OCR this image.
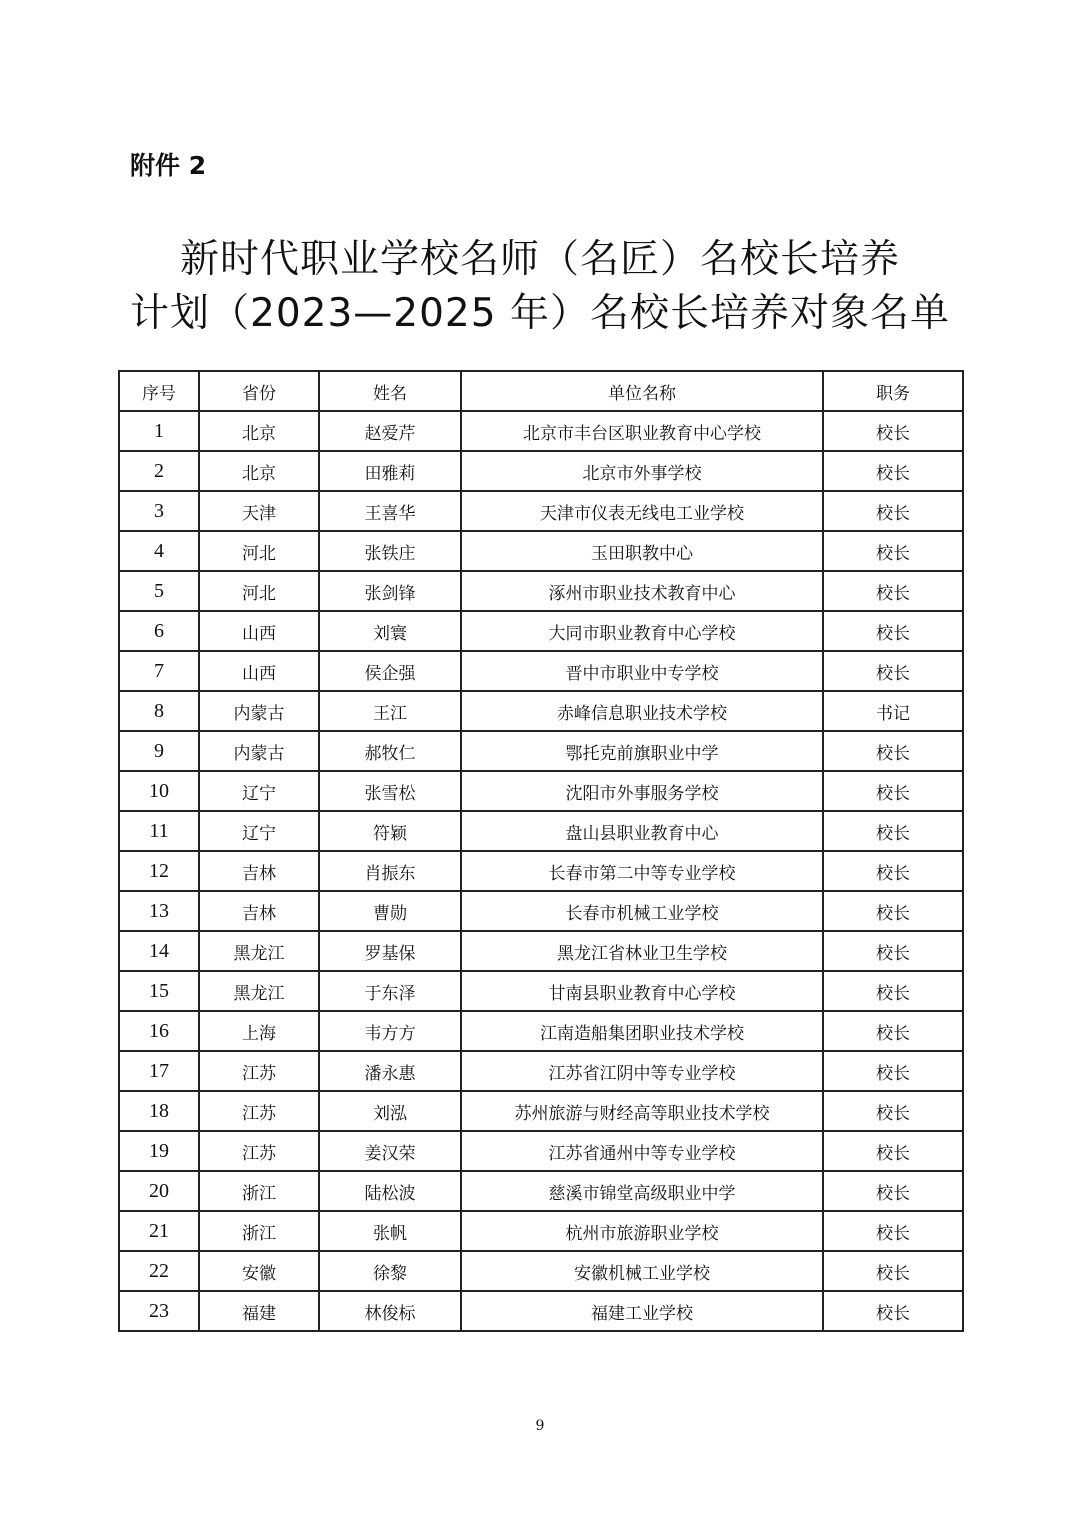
附件 2
新时代职业学校名师（名匠）名校长培养
计划（2023—2025 年）名校长培养对象名单
序号	省份	姓名	单位名称	职务
1	北京	赵爱芹	北京市丰台区职业教育中心学校	校长
2	北京	田雅莉	北京市外事学校	校长
3	天津	王喜华	天津市仪表无线电工业学校	校长
4	河北	张铁庄	玉田职教中心	校长
5	河北	张剑锋	涿州市职业技术教育中心	校长
6	山西	刘寰	大同市职业教育中心学校	校长
7	山西	侯企强	晋中市职业中专学校	校长
8	内蒙古	王江	赤峰信息职业技术学校	书记
9	内蒙古	郝牧仁	鄂托克前旗职业中学	校长
10	辽宁	张雪松	沈阳市外事服务学校	校长
11	辽宁	符颖	盘山县职业教育中心	校长
12	吉林	肖振东	长春市第二中等专业学校	校长
13	吉林	曹勋	长春市机械工业学校	校长
14	黑龙江	罗基保	黑龙江省林业卫生学校	校长
15	黑龙江	于东泽	甘南县职业教育中心学校	校长
16	上海	韦方方	江南造船集团职业技术学校	校长
17	江苏	潘永惠	江苏省江阴中等专业学校	校长
18	江苏	刘泓	苏州旅游与财经高等职业技术学校	校长
19	江苏	姜汉荣	江苏省通州中等专业学校	校长
20	浙江	陆松波	慈溪市锦堂高级职业中学	校长
21	浙江	张帆	杭州市旅游职业学校	校长
22	安徽	徐黎	安徽机械工业学校	校长
23	福建	林俊标	福建工业学校	校长
9
